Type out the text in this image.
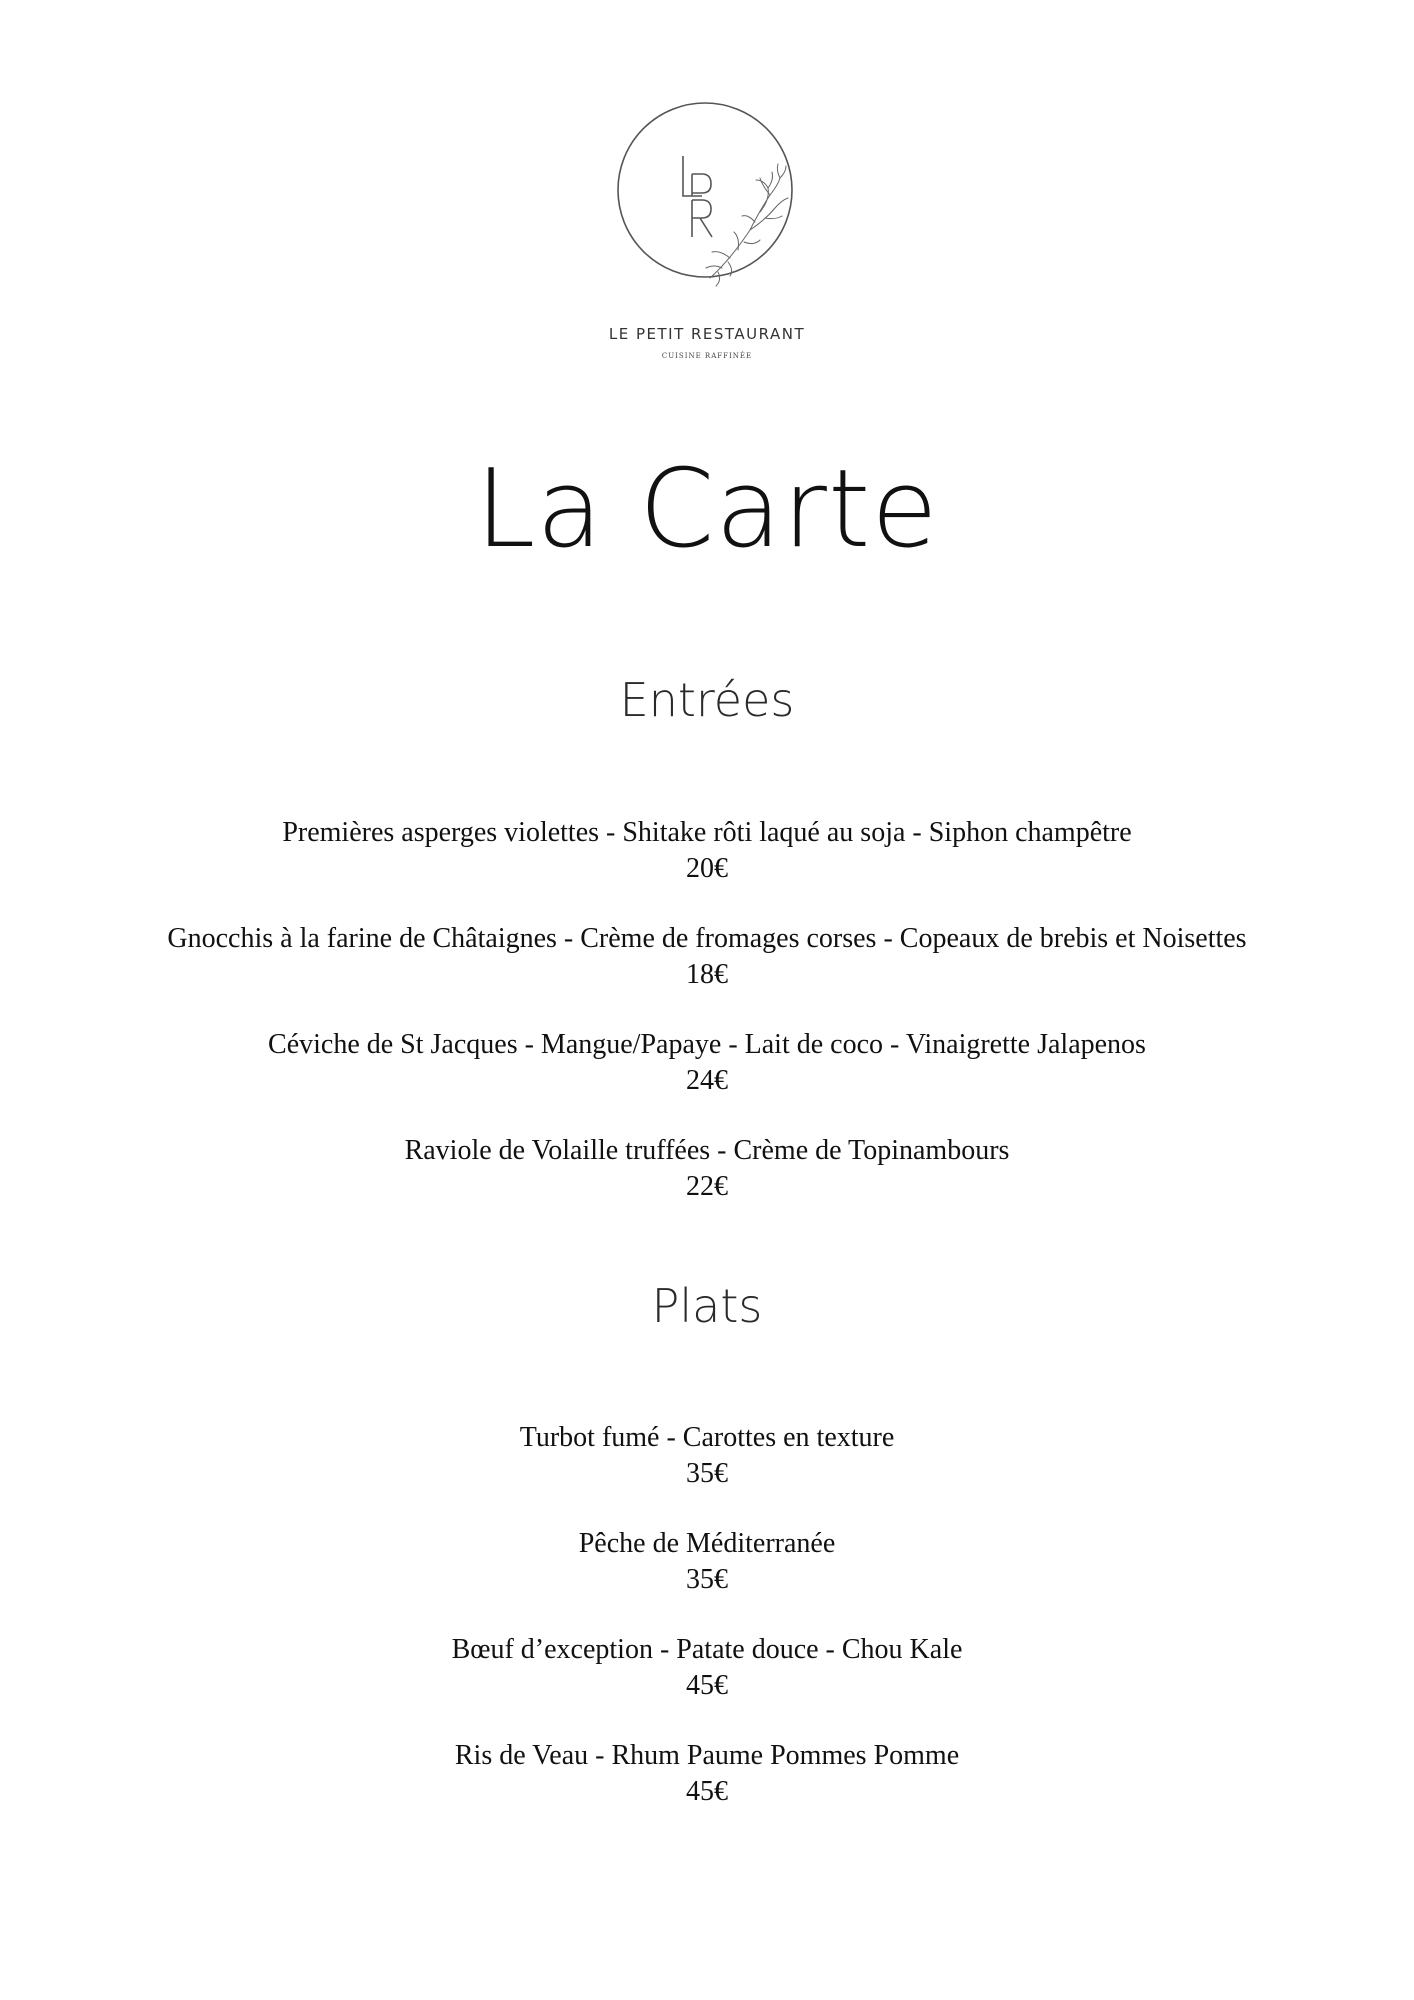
LE PETIT RESTAURANT
CUISINE RAFFINÉE
La Carte
Entrées
Premières asperges violettes - Shitake rôti laqué au soja - Siphon champêtre
20€
Gnocchis à la farine de Châtaignes - Crème de fromages corses - Copeaux de brebis et Noisettes
18€
Céviche de St Jacques - Mangue/Papaye - Lait de coco - Vinaigrette Jalapenos
24€
Raviole de Volaille truffées - Crème de Topinambours
22€
Plats
Turbot fumé - Carottes en texture
35€
Pêche de Méditerranée
35€
Bœuf d’exception - Patate douce - Chou Kale
45€
Ris de Veau - Rhum Paume Pommes Pomme
45€
